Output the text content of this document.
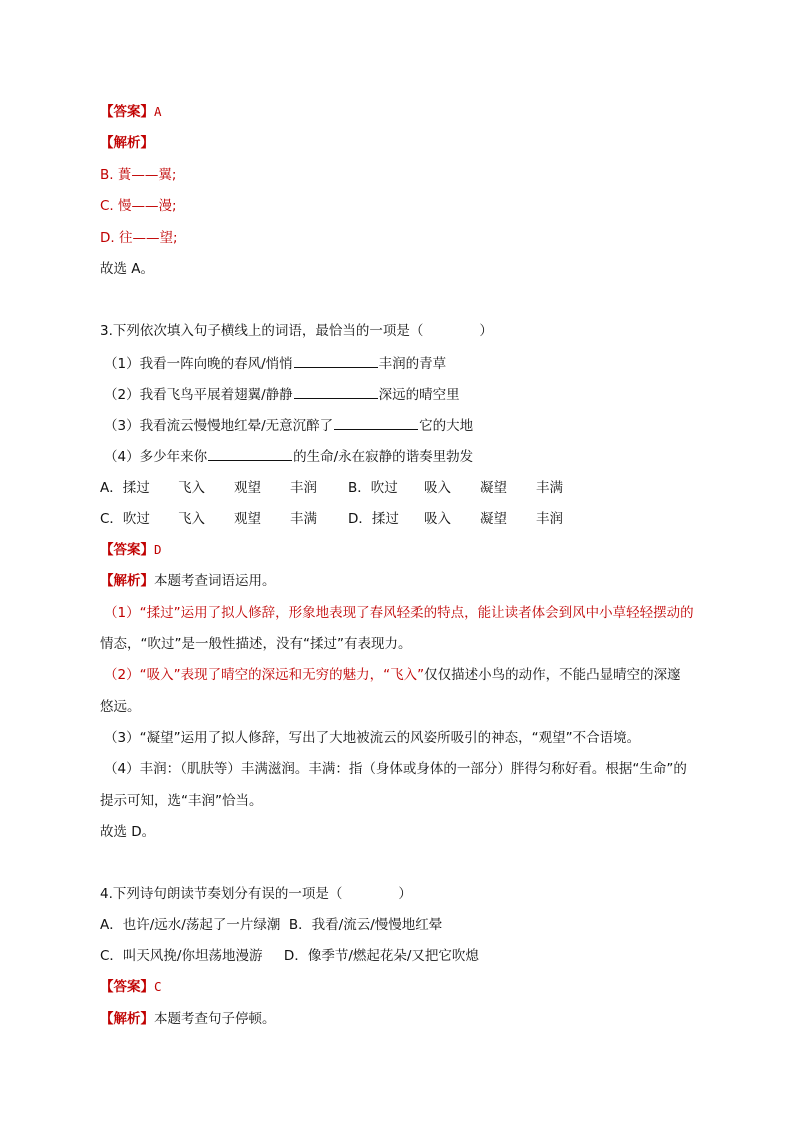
【答案】A
【解析】
B. 蕢——翼;
C. 慢——漫;
D. 往——望;
故选 A。
3.下列依次填入句子横线上的词语，最恰当的一项是（	）
（1）我看一阵向晚的春风/悄悄	丰润的青草
（2）我看飞鸟平展着翅翼/静静	深远的晴空里
（3）我看流云慢慢地红晕/无意沉醉了	它的大地
（4）多少年来你	的生命/永在寂静的谐奏里勃发
A．揉过 飞入 观望 丰润 B．吹过 吸入 凝望 丰满
C．吹过 飞入 观望 丰满 D．揉过 吸入 凝望 丰润
【答案】D
【解析】本题考查词语运用。
（1）“揉过”运用了拟人修辞，形象地表现了春风轻柔的特点，能让读者体会到风中小草轻轻摆动的
情态，“吹过”是一般性描述，没有“揉过”有表现力。
（2）“吸入”表现了晴空的深远和无穷的魅力，“飞入”仅仅描述小鸟的动作，不能凸显晴空的深邃
悠远。
（3）“凝望”运用了拟人修辞，写出了大地被流云的风姿所吸引的神态，“观望”不合语境。
（4）丰润：（肌肤等）丰满滋润。丰满：指（身体或身体的一部分）胖得匀称好看。根据“生命”的
提示可知，选“丰润”恰当。
故选 D。
4.下列诗句朗读节奏划分有误的一项是（	）
A．也许/远水/荡起了一片绿潮  B．我看/流云/慢慢地红晕
C．叫天风挽/你坦荡地漫游     D．像季节/燃起花朵/又把它吹熄
【答案】C
【解析】本题考查句子停顿。
